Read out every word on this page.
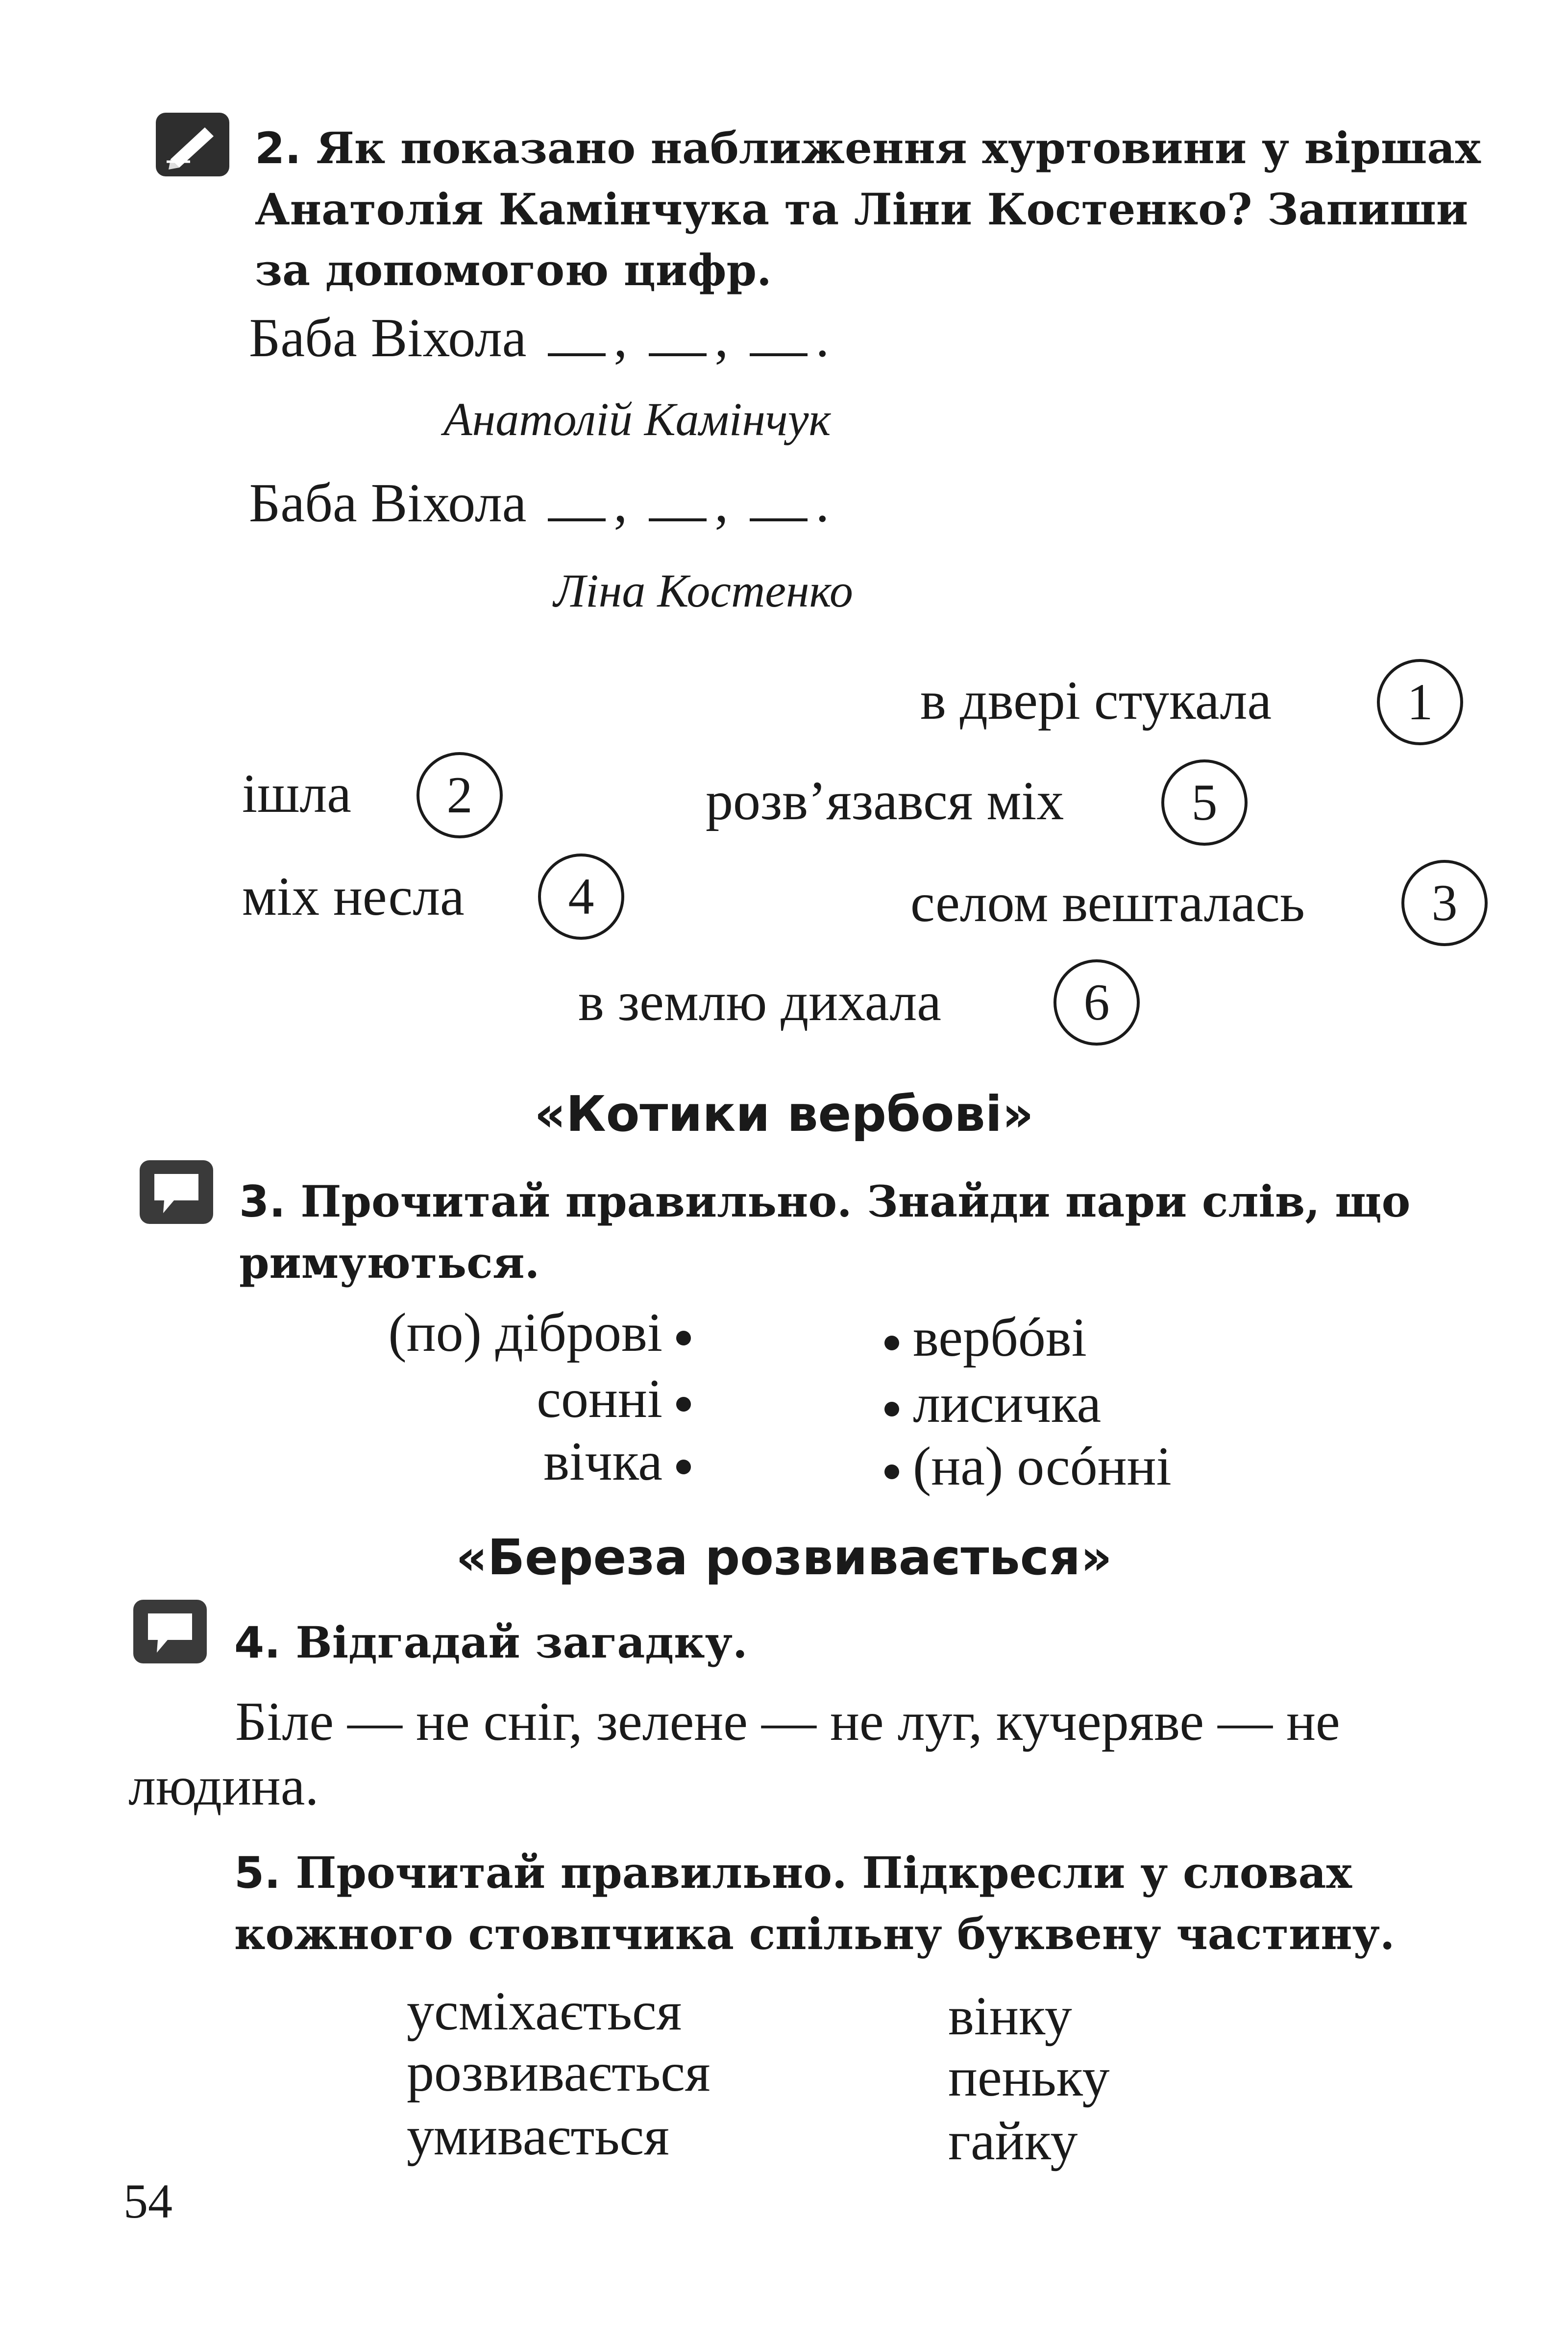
2. Як показано наближення хуртовини у віршах Анатолія Камінчука та Ліни Костенко? Запиши за допомогою цифр.
Баба Віхола , , .
Анатолій Камінчук
Баба Віхола , , .
Ліна Костенко
в двері стукала	1
ішла	2	розв’язався міх	5
міх несла	4	селом вешталась	3
в землю дихала	6
«Котики вербові»
3. Прочитай правильно. Знайди пари слів, що римуються.
(по) діброві
сонні
вічка
вербóві
лисичка
(на) осóнні
«Береза розвивається»
4. Відгадай загадку.
Біле — не сніг, зелене — не луг, кучеряве — не людина.
5. Прочитай правильно. Підкресли у словах кожного стовпчика спільну буквену частину.
усміхається
розвивається
умивається
вінку
пеньку
гайку
54
